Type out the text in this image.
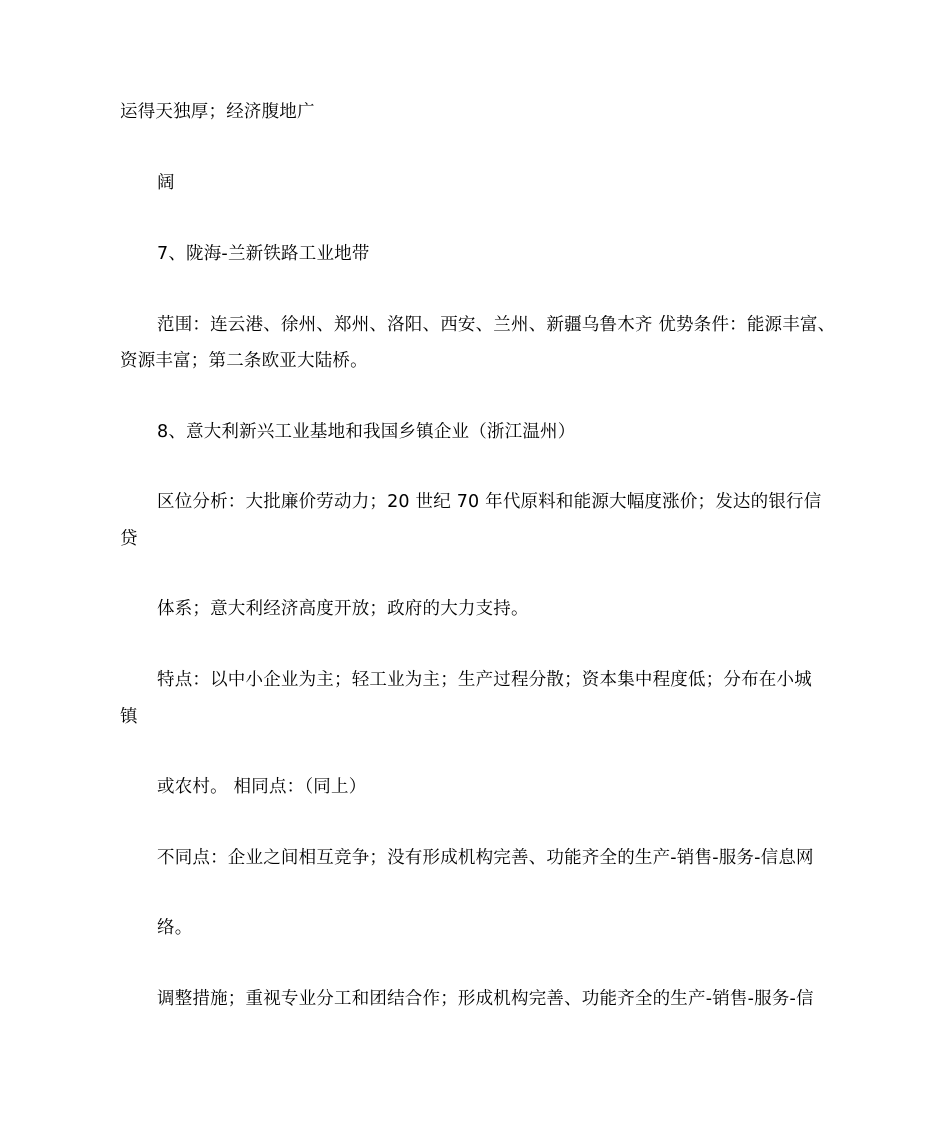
运得天独厚；经济腹地广
阔
7、陇海-兰新铁路工业地带
范围：连云港、徐州、郑州、洛阳、西安、兰州、新疆乌鲁木齐 优势条件：能源丰富、
资源丰富；第二条欧亚大陆桥。
8、意大利新兴工业基地和我国乡镇企业（浙江温州）
区位分析：大批廉价劳动力；20 世纪 70 年代原料和能源大幅度涨价；发达的银行信
贷
体系；意大利经济高度开放；政府的大力支持。
特点：以中小企业为主；轻工业为主；生产过程分散；资本集中程度低；分布在小城
镇
或农村。 相同点：（同上）
不同点：企业之间相互竞争；没有形成机构完善、功能齐全的生产-销售-服务-信息网
络。
调整措施；重视专业分工和团结合作；形成机构完善、功能齐全的生产-销售-服务-信
